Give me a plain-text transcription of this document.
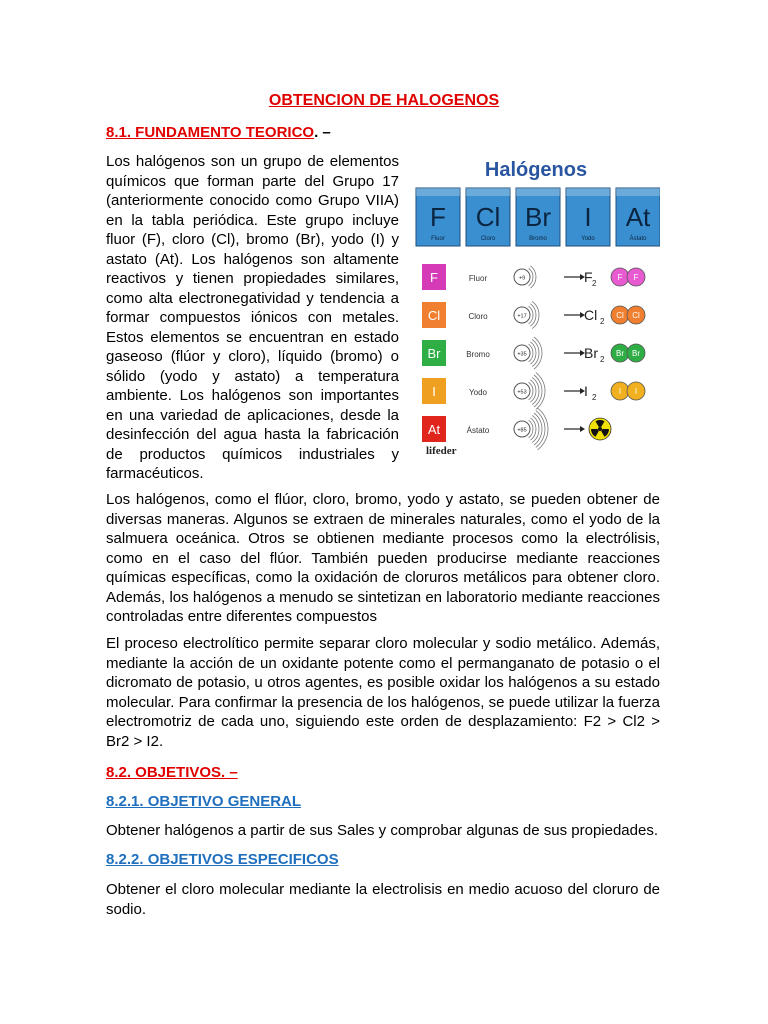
OBTENCION DE HALOGENOS
8.1. FUNDAMENTO TEORICO. –
Los halógenos son un grupo de elementos químicos que forman parte del Grupo 17 (anteriormente conocido como Grupo VIIA) en la tabla periódica. Este grupo incluye fluor (F), cloro (Cl), bromo (Br), yodo (I) y astato (At). Los halógenos son altamente reactivos y tienen propiedades similares, como alta electronegatividad y tendencia a formar compuestos iónicos con metales. Estos elementos se encuentran en estado gaseoso (flúor y cloro), líquido (bromo) o sólido (yodo y astato) a temperatura ambiente. Los halógenos son importantes en una variedad de aplicaciones, desde la desinfección del agua hasta la fabricación de productos químicos industriales y farmacéuticos.
Halógenos
F
Fluor
Cl
Cloro
Br
Bromo
I
Yodo
At
Ástato
F	Fluor	+9	F 2
F F
Cl	Cloro	+17	Cl 2
Cl Cl
Br	Bromo	+35	Br 2
Br Br
I	Yodo	+53	I 2
I I
At	Ástato	+85
lifeder
Los halógenos, como el flúor, cloro, bromo, yodo y astato, se pueden obtener de diversas maneras. Algunos se extraen de minerales naturales, como el yodo de la salmuera oceánica. Otros se obtienen mediante procesos como la electrólisis, como en el caso del flúor. También pueden producirse mediante reacciones químicas específicas, como la oxidación de cloruros metálicos para obtener cloro. Además, los halógenos a menudo se sintetizan en laboratorio mediante reacciones controladas entre diferentes compuestos
El proceso electrolítico permite separar cloro molecular y sodio metálico. Además, mediante la acción de un oxidante potente como el permanganato de potasio o el dicromato de potasio, u otros agentes, es posible oxidar los halógenos a su estado molecular. Para confirmar la presencia de los halógenos, se puede utilizar la fuerza electromotriz de cada uno, siguiendo este orden de desplazamiento: F2 > Cl2 > Br2 > I2.
8.2. OBJETIVOS. –
8.2.1. OBJETIVO GENERAL
Obtener halógenos a partir de sus Sales y comprobar algunas de sus propiedades.
8.2.2. OBJETIVOS ESPECIFICOS
Obtener el cloro molecular mediante la electrolisis en medio acuoso del cloruro de sodio.
